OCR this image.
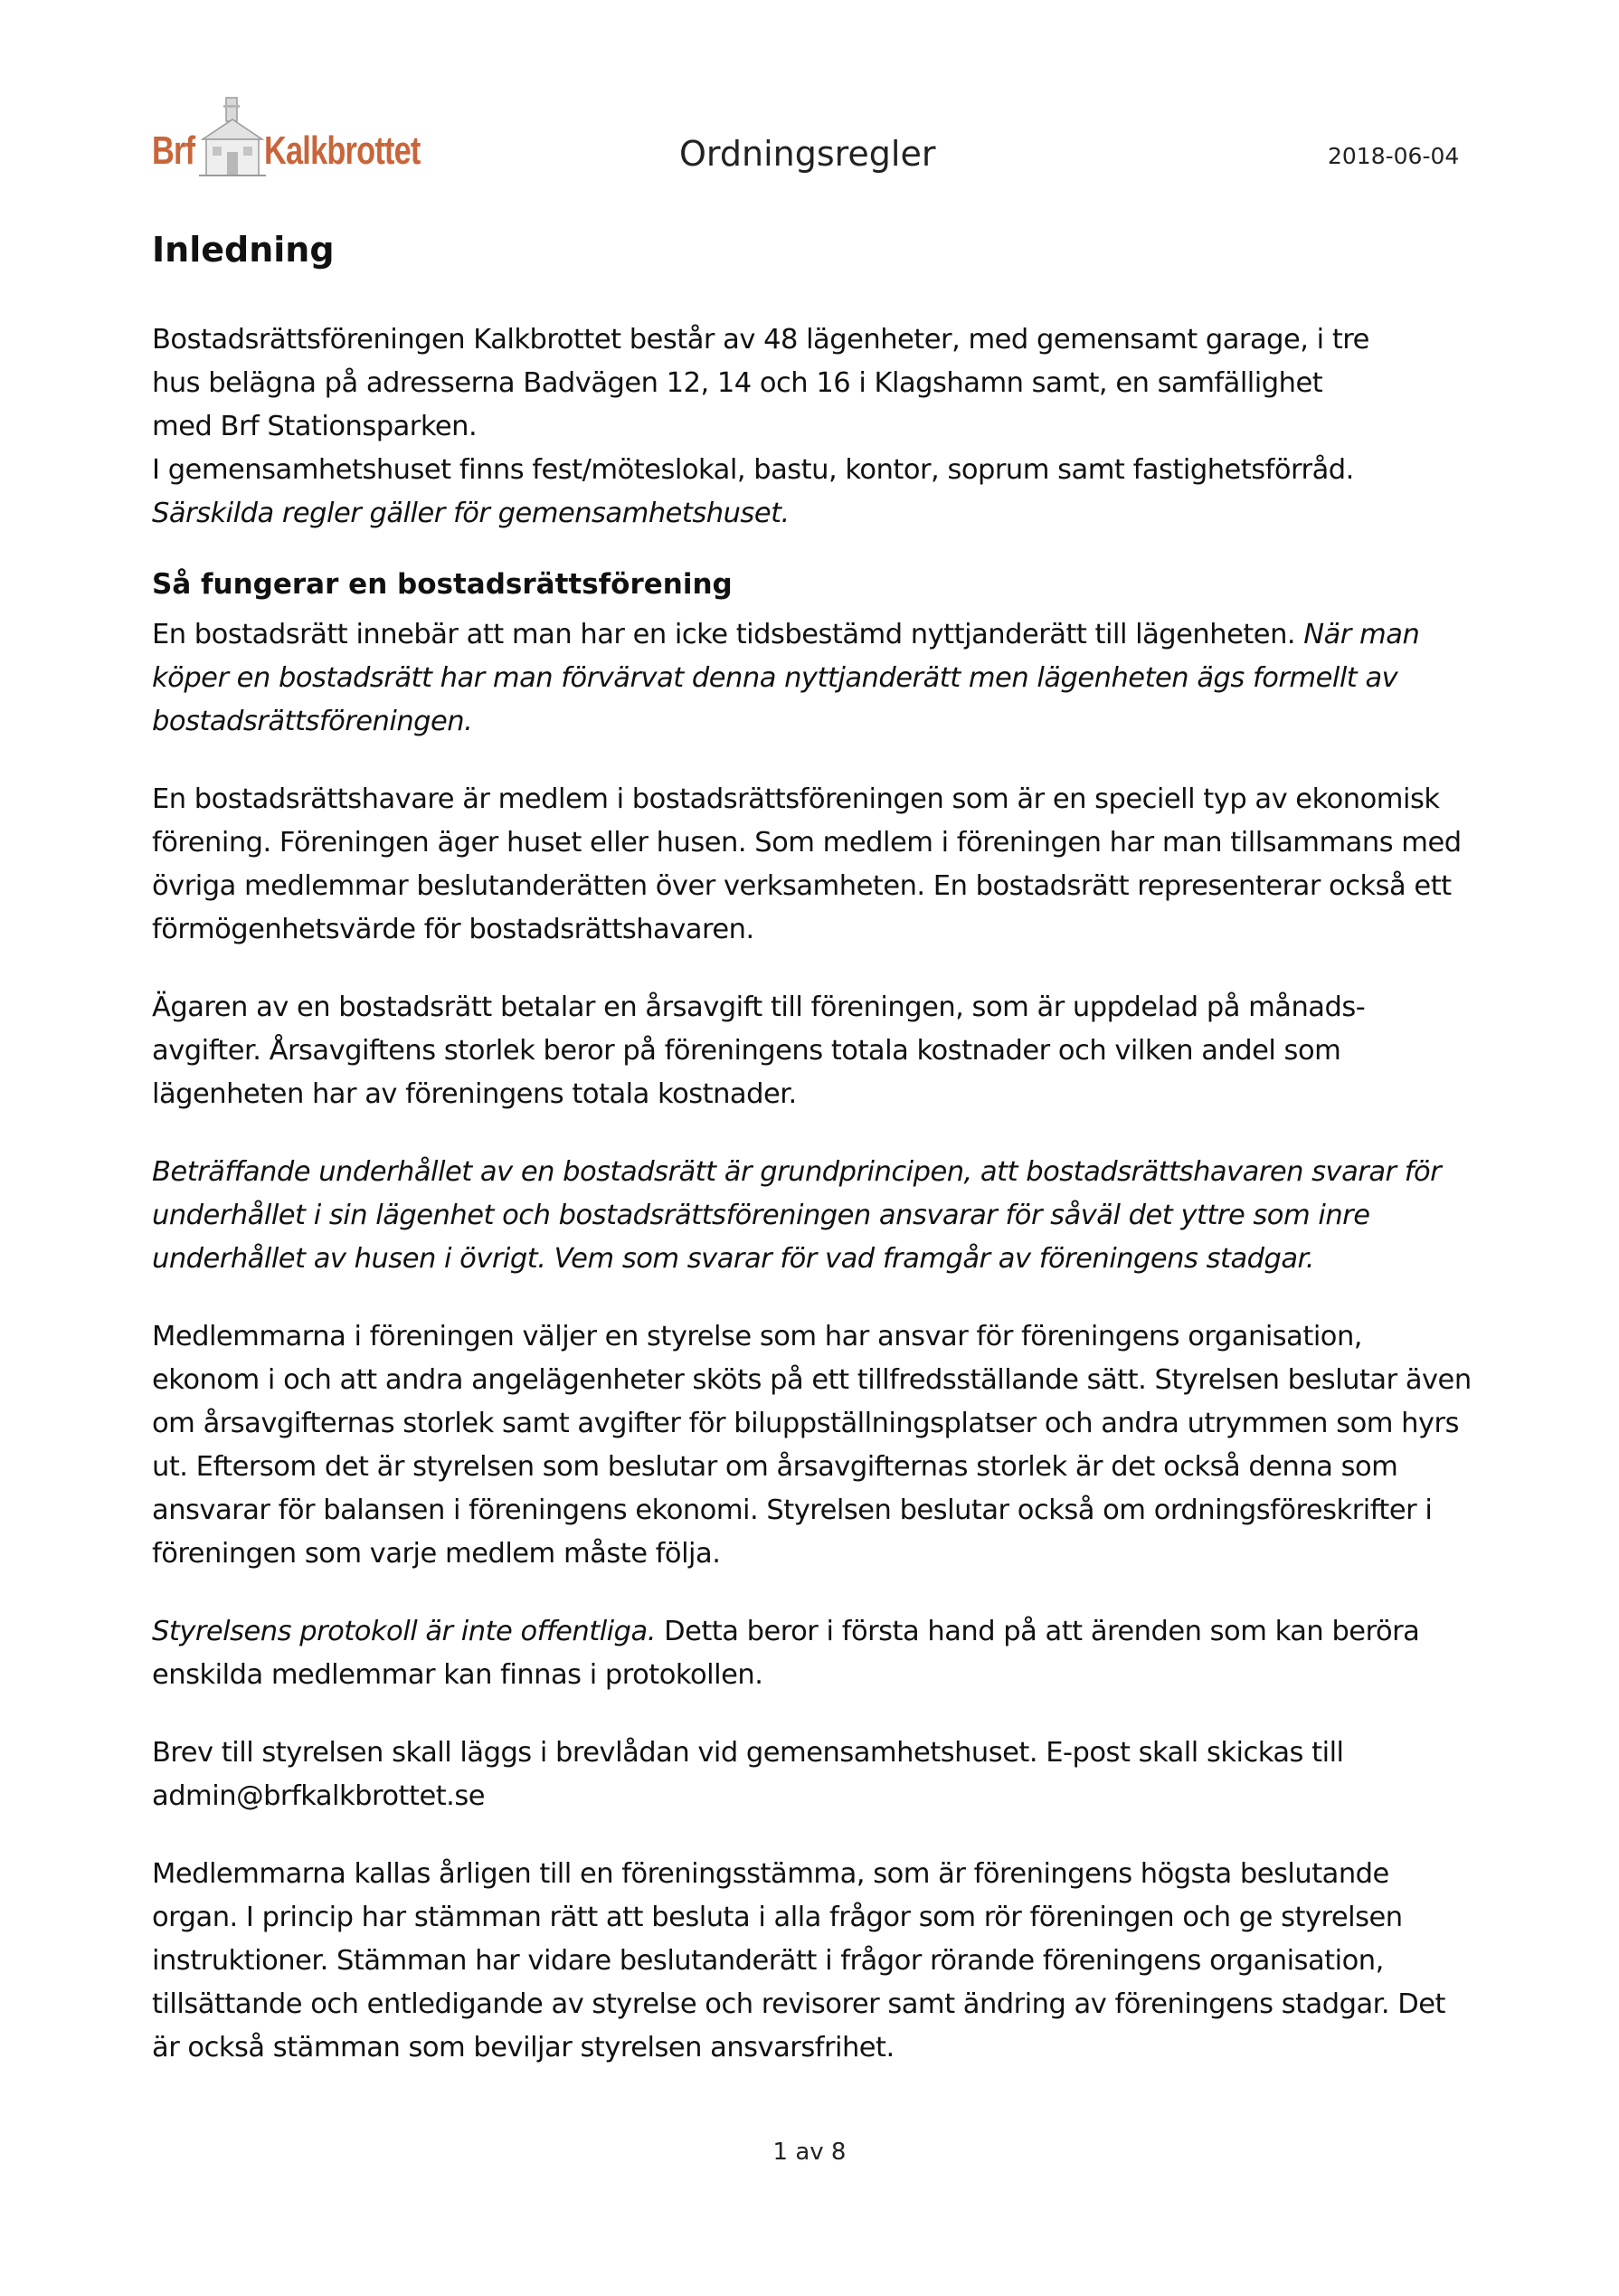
Brf Kalkbrottet	Ordningsregler	2018-06-04
Inledning

Bostadsrättsföreningen Kalkbrottet består av 48 lägenheter, med gemensamt garage, i tre
hus belägna på adresserna Badvägen 12, 14 och 16 i Klagshamn samt, en samfällighet
med Brf Stationsparken.
I gemensamhetshuset finns fest/möteslokal, bastu, kontor, soprum samt fastighetsförråd.
Särskilda regler gäller för gemensamhetshuset.

Så fungerar en bostadsrättsförening

En bostadsrätt innebär att man har en icke tidsbestämd nyttjanderätt till lägenheten. När man köper en bostadsrätt har man förvärvat denna nyttjanderätt men lägenheten ägs formellt av bostadsrättsföreningen.

En bostadsrättshavare är medlem i bostadsrättsföreningen som är en speciell typ av ekonomisk förening. Föreningen äger huset eller husen. Som medlem i föreningen har man tillsammans med övriga medlemmar beslutanderätten över verksamheten. En bostadsrätt representerar också ett förmögenhetsvärde för bostadsrättshavaren.

Ägaren av en bostadsrätt betalar en årsavgift till föreningen, som är uppdelad på månads-avgifter. Årsavgiftens storlek beror på föreningens totala kostnader och vilken andel som lägenheten har av föreningens totala kostnader.

Beträffande underhållet av en bostadsrätt är grundprincipen, att bostadsrättshavaren svarar för underhållet i sin lägenhet och bostadsrättsföreningen ansvarar för såväl det yttre som inre underhållet av husen i övrigt. Vem som svarar för vad framgår av föreningens stadgar.

Medlemmarna i föreningen väljer en styrelse som har ansvar för föreningens organisation, ekonom i och att andra angelägenheter sköts på ett tillfredsställande sätt. Styrelsen beslutar även om årsavgifternas storlek samt avgifter för biluppställningsplatser och andra utrymmen som hyrs ut. Eftersom det är styrelsen som beslutar om årsavgifternas storlek är det också denna som ansvarar för balansen i föreningens ekonomi. Styrelsen beslutar också om ordningsföreskrifter i föreningen som varje medlem måste följa.

Styrelsens protokoll är inte offentliga. Detta beror i första hand på att ärenden som kan beröra enskilda medlemmar kan finnas i protokollen.

Brev till styrelsen skall läggs i brevlådan vid gemensamhetshuset. E-post skall skickas till admin@brfkalkbrottet.se

Medlemmarna kallas årligen till en föreningsstämma, som är föreningens högsta beslutande organ. I princip har stämman rätt att besluta i alla frågor som rör föreningen och ge styrelsen instruktioner. Stämman har vidare beslutanderätt i frågor rörande föreningens organisation, tillsättande och entledigande av styrelse och revisorer samt ändring av föreningens stadgar. Det är också stämman som beviljar styrelsen ansvarsfrihet.

1 av 8
